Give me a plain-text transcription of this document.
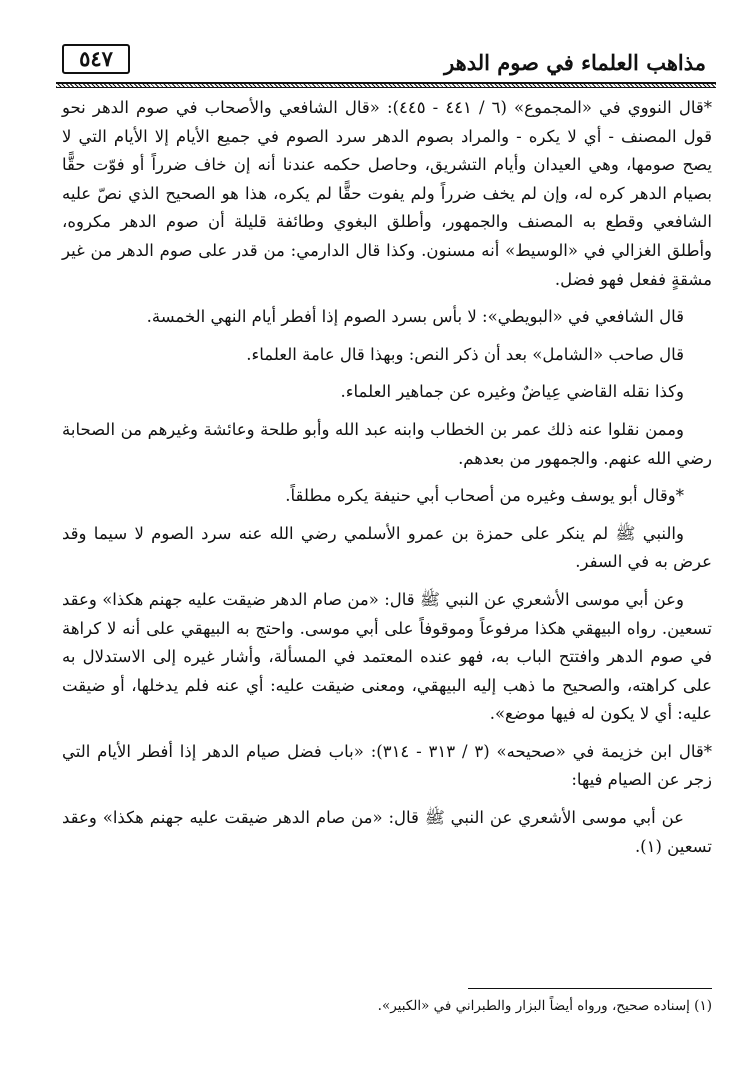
مذاهب العلماء في صوم الدهر
٥٤٧

*قال النووي في «المجموع» (٦ / ٤٤١ - ٤٤٥): «قال الشافعي والأصحاب في صوم الدهر نحو قول المصنف - أي لا يكره - والمراد بصوم الدهر سرد الصوم في جميع الأيام إلا الأيام التي لا يصح صومها، وهي العيدان وأيام التشريق، وحاصل حكمه عندنا أنه إن خاف ضرراً أو فوّت حقًّا بصيام الدهر كره له، وإن لم يخف ضرراً ولم يفوت حقًّا لم يكره، هذا هو الصحيح الذي نصّ عليه الشافعي وقطع به المصنف والجمهور، وأطلق البغوي وطائفة قليلة أن صوم الدهر مكروه، وأطلق الغزالي في «الوسيط» أنه مسنون. وكذا قال الدارمي: من قدر على صوم الدهر من غير مشقةٍ ففعل فهو فضل.

قال الشافعي في «البويطي»: لا بأس بسرد الصوم إذا أفطر أيام النهي الخمسة.

قال صاحب «الشامل» بعد أن ذكر النص: وبهذا قال عامة العلماء.

وكذا نقله القاضي عِياضٌ وغيره عن جماهير العلماء.

وممن نقلوا عنه ذلك عمر بن الخطاب وابنه عبد الله وأبو طلحة وعائشة وغيرهم من الصحابة رضي الله عنهم. والجمهور من بعدهم.

*وقال أبو يوسف وغيره من أصحاب أبي حنيفة يكره مطلقاً.

والنبي ﷺ لم ينكر على حمزة بن عمرو الأسلمي رضي الله عنه سرد الصوم لا سيما وقد عرض به في السفر.

وعن أبي موسى الأشعري عن النبي ﷺ قال: «من صام الدهر ضيقت عليه جهنم هكذا» وعقد تسعين. رواه البيهقي هكذا مرفوعاً وموقوفاً على أبي موسى. واحتج به البيهقي على أنه لا كراهة في صوم الدهر وافتتح الباب به، فهو عنده المعتمد في المسألة، وأشار غيره إلى الاستدلال به على كراهته، والصحيح ما ذهب إليه البيهقي، ومعنى ضيقت عليه: أي عنه فلم يدخلها، أو ضيقت عليه: أي لا يكون له فيها موضع».

*قال ابن خزيمة في «صحيحه» (٣ / ٣١٣ - ٣١٤): «باب فضل صيام الدهر إذا أفطر الأيام التي زجر عن الصيام فيها:

عن أبي موسى الأشعري عن النبي ﷺ قال: «من صام الدهر ضيقت عليه جهنم هكذا» وعقد تسعين (١).

(١) إسناده صحيح، ورواه أيضاً البزار والطبراني في «الكبير».
